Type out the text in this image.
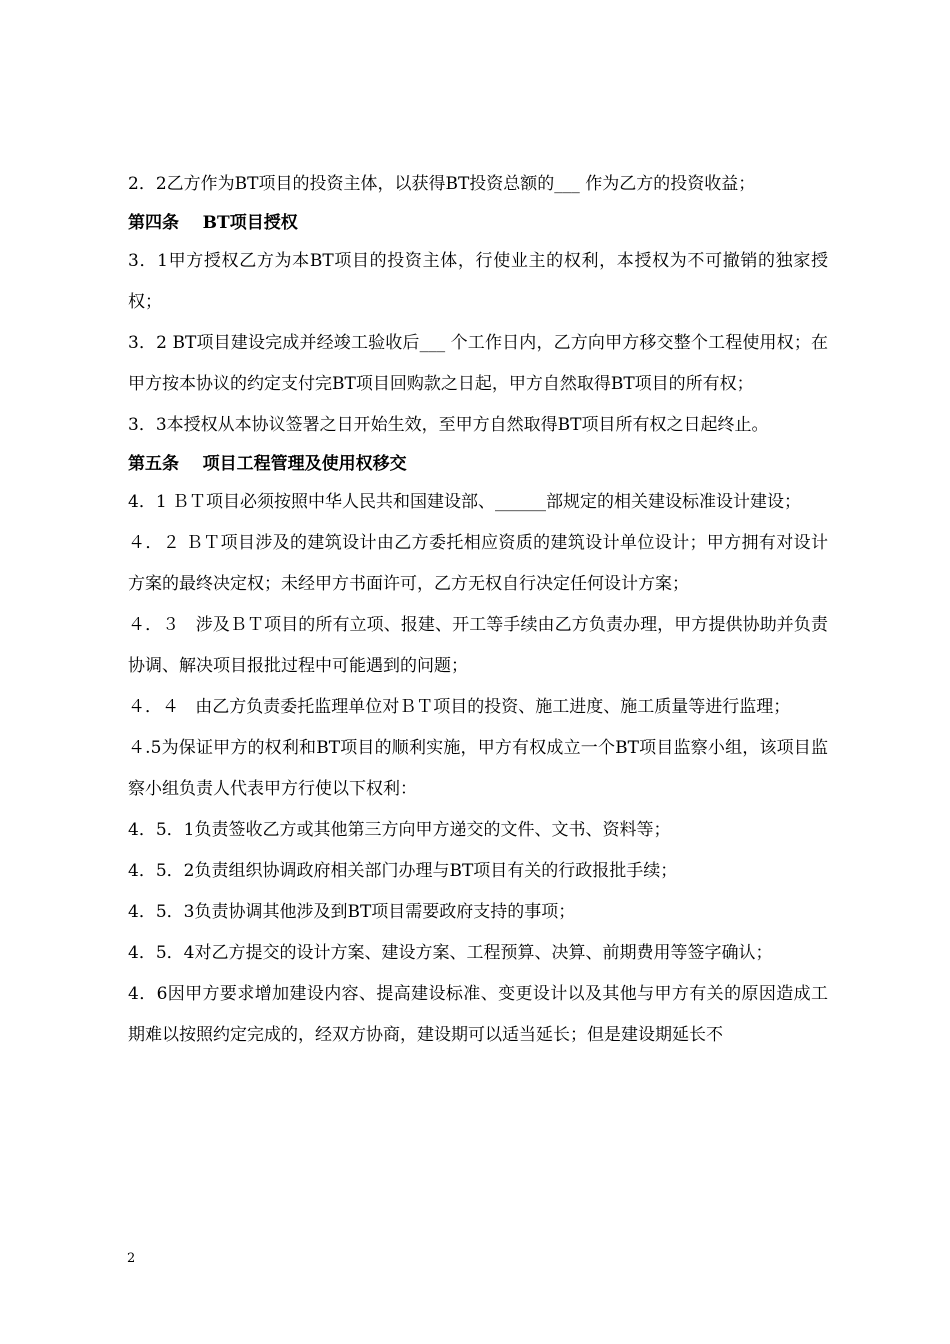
2．2乙方作为BT项目的投资主体，以获得BT投资总额的___ 作为乙方的投资收益；

第四条    BT项目授权

3．1甲方授权乙方为本BT项目的投资主体，行使业主的权利，本授权为不可撤销的独家授权；

3．2 BT项目建设完成并经竣工验收后___ 个工作日内，乙方向甲方移交整个工程使用权；在甲方按本协议的约定支付完BT项目回购款之日起，甲方自然取得BT项目的所有权；

3．3本授权从本协议签署之日开始生效，至甲方自然取得BT项目所有权之日起终止。

第五条    项目工程管理及使用权移交

4．1 ＢＴ项目必须按照中华人民共和国建设部、______部规定的相关建设标准设计建设；

４．２ ＢＴ项目涉及的建筑设计由乙方委托相应资质的建筑设计单位设计；甲方拥有对设计方案的最终决定权；未经甲方书面许可，乙方无权自行决定任何设计方案；

４．３   涉及ＢＴ项目的所有立项、报建、开工等手续由乙方负责办理，甲方提供协助并负责协调、解决项目报批过程中可能遇到的问题；

４．４   由乙方负责委托监理单位对ＢＴ项目的投资、施工进度、施工质量等进行监理；

４.5为保证甲方的权利和BT项目的顺利实施，甲方有权成立一个BT项目监察小组，该项目监察小组负责人代表甲方行使以下权利：

4．5．1负责签收乙方或其他第三方向甲方递交的文件、文书、资料等；

4．5．2负责组织协调政府相关部门办理与BT项目有关的行政报批手续；

4．5．3负责协调其他涉及到BT项目需要政府支持的事项；

4．5．4对乙方提交的设计方案、建设方案、工程预算、决算、前期费用等签字确认；

4．6因甲方要求增加建设内容、提高建设标准、变更设计以及其他与甲方有关的原因造成工期难以按照约定完成的，经双方协商，建设期可以适当延长；但是建设期延长不

2
